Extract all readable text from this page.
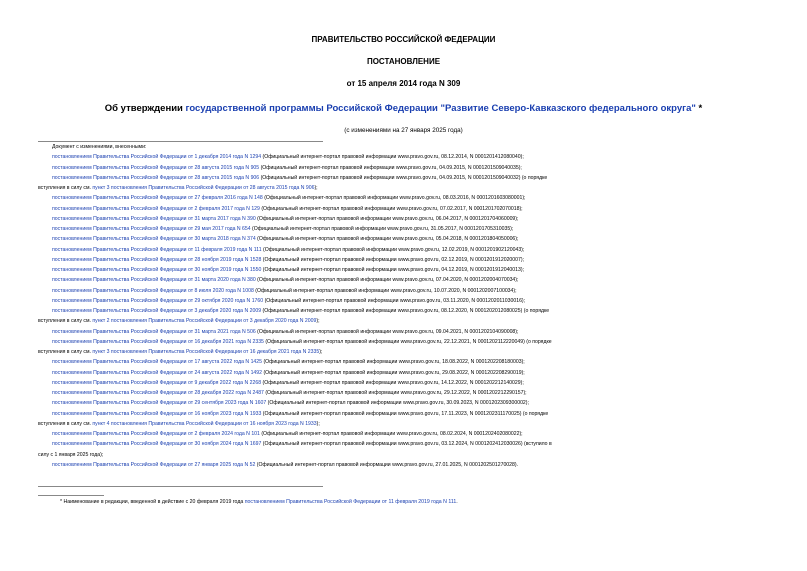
ПРАВИТЕЛЬСТВО РОССИЙСКОЙ ФЕДЕРАЦИИ
ПОСТАНОВЛЕНИЕ
от 15 апреля 2014 года N 309
Об утверждении государственной программы Российской Федерации "Развитие Северо-Кавказского федерального округа" *
(с изменениями на 27 января 2025 года)
Документ с изменениями, внесенными:
постановлением Правительства Российской Федерации от 1 декабря 2014 года N 1294 (Официальный интернет-портал правовой информации www.pravo.gov.ru, 08.12.2014, N 0001201412080040);
постановлением Правительства Российской Федерации от 28 августа 2015 года N 905 (Официальный интернет-портал правовой информации www.pravo.gov.ru, 04.09.2015, N 0001201509040035);
постановлением Правительства Российской Федерации от 28 августа 2015 года N 906 (Официальный интернет-портал правовой информации www.pravo.gov.ru, 04.09.2015, N 0001201509040032) (о порядке
вступления в силу см. пункт 3 постановления Правительства Российской Федерации от 28 августа 2015 года N 906);
постановлением Правительства Российской Федерации от 27 февраля 2016 года N 148 (Официальный интернет-портал правовой информации www.pravo.gov.ru, 08.03.2016, N 0001201603080001);
постановлением Правительства Российской Федерации от 2 февраля 2017 года N 129 (Официальный интернет-портал правовой информации www.pravo.gov.ru, 07.02.2017, N 0001201702070018);
постановлением Правительства Российской Федерации от 31 марта 2017 года N 390 (Официальный интернет-портал правовой информации www.pravo.gov.ru, 06.04.2017, N 0001201704060009);
постановлением Правительства Российской Федерации от 29 мая 2017 года N 654 (Официальный интернет-портал правовой информации www.pravo.gov.ru, 31.05.2017, N 0001201705310035);
постановлением Правительства Российской Федерации от 30 марта 2018 года N 374 (Официальный интернет-портал правовой информации www.pravo.gov.ru, 05.04.2018, N 0001201804050006);
постановлением Правительства Российской Федерации от 11 февраля 2019 года N 111 (Официальный интернет-портал правовой информации www.pravo.gov.ru, 12.02.2019, N 0001201902120043);
постановлением Правительства Российской Федерации от 28 ноября 2019 года N 1528 (Официальный интернет-портал правовой информации www.pravo.gov.ru, 02.12.2019, N 0001201912020007);
постановлением Правительства Российской Федерации от 30 ноября 2019 года N 1550 (Официальный интернет-портал правовой информации www.pravo.gov.ru, 04.12.2019, N 0001201912040013);
постановлением Правительства Российской Федерации от 31 марта 2020 года N 380 (Официальный интернет-портал правовой информации www.pravo.gov.ru, 07.04.2020, N 0001202004070034);
постановлением Правительства Российской Федерации от 8 июля 2020 года N 1008 (Официальный интернет-портал правовой информации www.pravo.gov.ru, 10.07.2020, N 0001202007100034);
постановлением Правительства Российской Федерации от 29 октября 2020 года N 1760 (Официальный интернет-портал правовой информации www.pravo.gov.ru, 03.11.2020, N 0001202011030016);
постановлением Правительства Российской Федерации от 3 декабря 2020 года N 2009 (Официальный интернет-портал правовой информации www.pravo.gov.ru, 08.12.2020, N 0001202012080025) (о порядке
вступления в силу см. пункт 2 постановления Правительства Российской Федерации от 3 декабря 2020 года N 2009);
постановлением Правительства Российской Федерации от 31 марта 2021 года N 506 (Официальный интернет-портал правовой информации www.pravo.gov.ru, 09.04.2021, N 0001202104090008);
постановлением Правительства Российской Федерации от 16 декабря 2021 года N 2335 (Официальный интернет-портал правовой информации www.pravo.gov.ru, 22.12.2021, N 0001202112220049) (о порядке
вступления в силу см. пункт 3 постановления Правительства Российской Федерации от 16 декабря 2021 года N 2335);
постановлением Правительства Российской Федерации от 17 августа 2022 года N 1425 (Официальный интернет-портал правовой информации www.pravo.gov.ru, 18.08.2022, N 0001202208180003);
постановлением Правительства Российской Федерации от 24 августа 2022 года N 1492 (Официальный интернет-портал правовой информации www.pravo.gov.ru, 29.08.2022, N 0001202208290019);
постановлением Правительства Российской Федерации от 9 декабря 2022 года N 2268 (Официальный интернет-портал правовой информации www.pravo.gov.ru, 14.12.2022, N 0001202212140029);
постановлением Правительства Российской Федерации от 28 декабря 2022 года N 2487 (Официальный интернет-портал правовой информации www.pravo.gov.ru, 29.12.2022, N 0001202212290157);
постановлением Правительства Российской Федерации от 29 сентября 2023 года N 1607 (Официальный интернет-портал правовой информации www.pravo.gov.ru, 30.09.2023, N 0001202309300002);
постановлением Правительства Российской Федерации от 16 ноября 2023 года N 1933 (Официальный интернет-портал правовой информации www.pravo.gov.ru, 17.11.2023, N 0001202311170025) (о порядке
вступления в силу см. пункт 4 постановления Правительства Российской Федерации от 16 ноября 2023 года N 1933);
постановлением Правительства Российской Федерации от 2 февраля 2024 года N 101 (Официальный интернет-портал правовой информации www.pravo.gov.ru, 08.02.2024, N 0001202402080022);
постановлением Правительства Российской Федерации от 30 ноября 2024 года N 1697 (Официальный интернет-портал правовой информации www.pravo.gov.ru, 03.12.2024, N 0001202412030026) (вступило в
силу с 1 января 2025 года);
постановлением Правительства Российской Федерации от 27 января 2025 года N 52 (Официальный интернет-портал правовой информации www.pravo.gov.ru, 27.01.2025, N 0001202501270028).
* Наименование в редакции, введенной в действие с 20 февраля 2019 года постановлением Правительства Российской Федерации от 11 февраля 2019 года N 111.
